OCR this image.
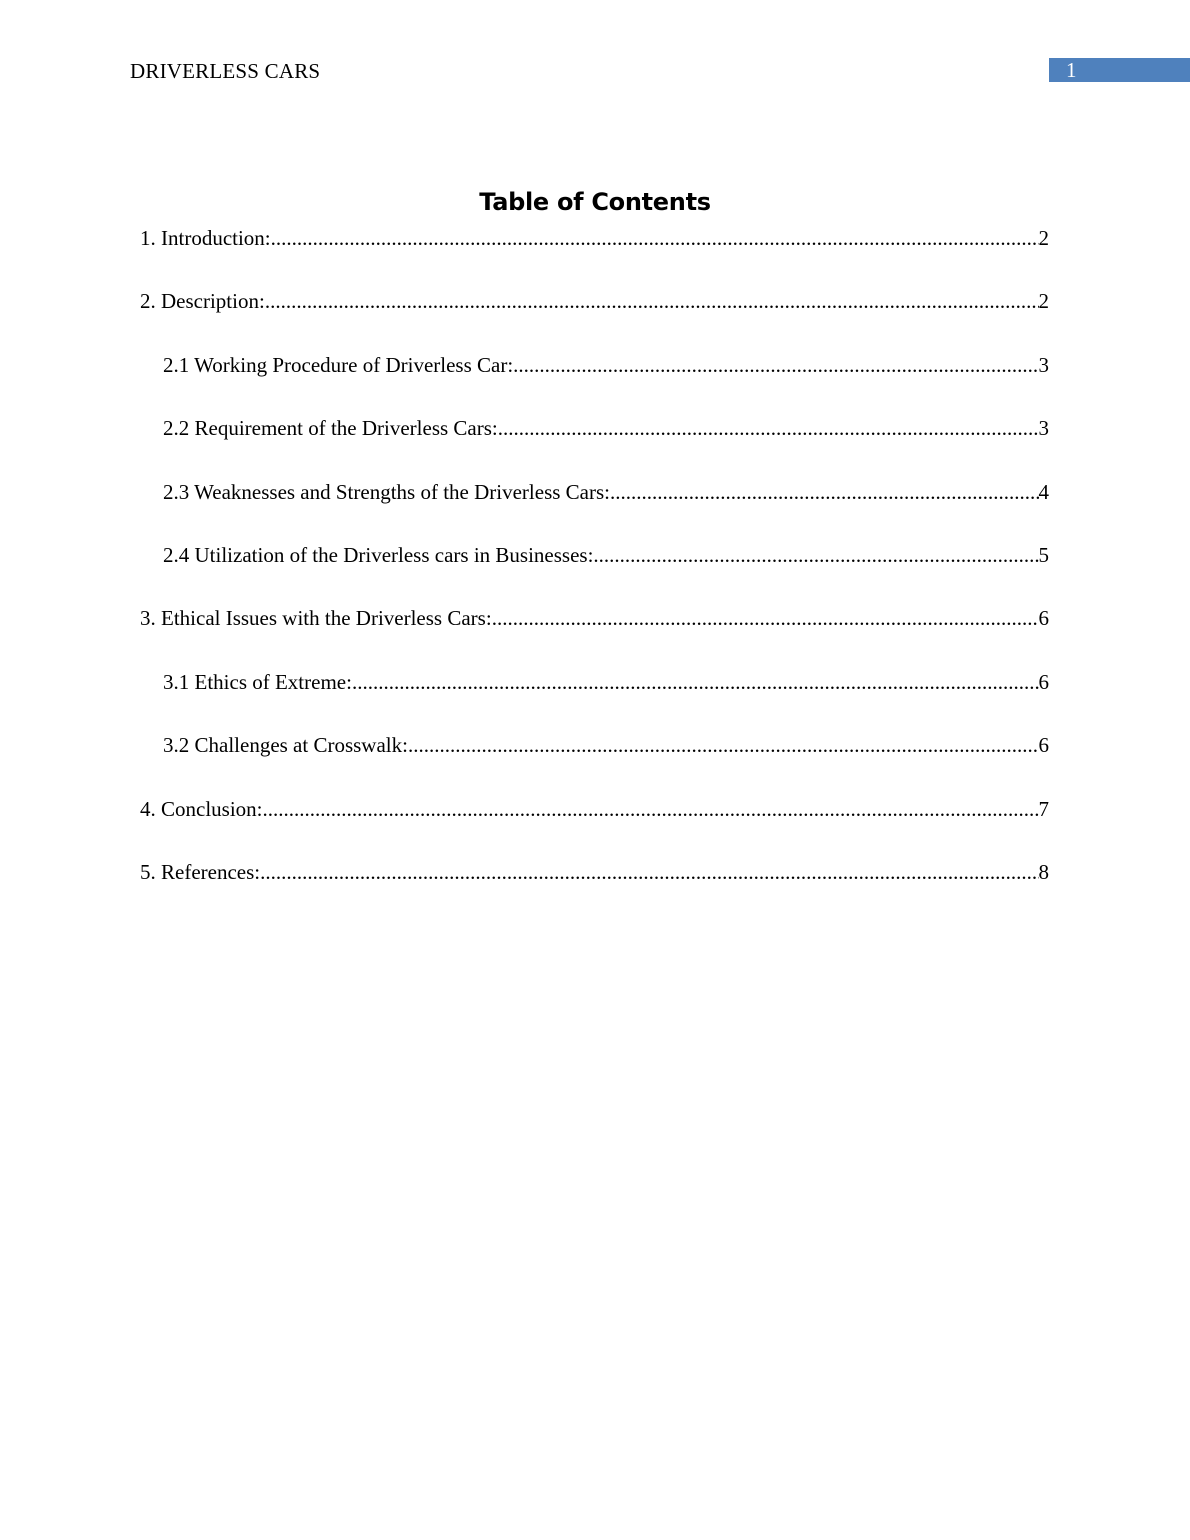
DRIVERLESS CARS	1
Table of Contents
1. Introduction: .....	2
2. Description: .....	2
2.1 Working Procedure of Driverless Car: .....	3
2.2 Requirement of the Driverless Cars: .....	3
2.3 Weaknesses and Strengths of the Driverless Cars: .....	4
2.4 Utilization of the Driverless cars in Businesses: .....	5
3. Ethical Issues with the Driverless Cars: .....	6
3.1 Ethics of Extreme: .....	6
3.2 Challenges at Crosswalk: .....	6
4. Conclusion: .....	7
5. References: .....	8
